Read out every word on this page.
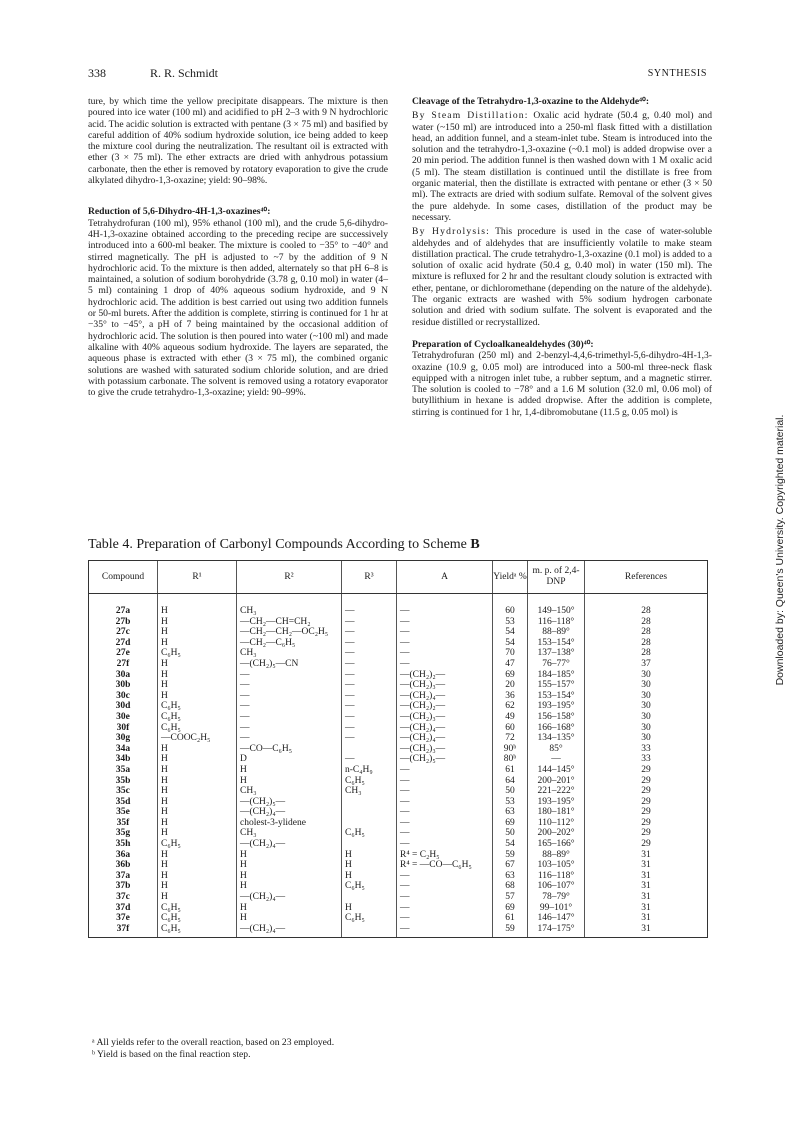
338	R. R. Schmidt	SYNTHESIS

ture, by which time the yellow precipitate disappears. The mixture is then poured into ice water (100 ml) and acidified to pH 2–3 with 9 N hydrochloric acid. The acidic solution is extracted with pentane (3 × 75 ml) and basified by careful addition of 40% sodium hydroxide solution, ice being added to keep the mixture cool during the neutralization. The resultant oil is extracted with ether (3 × 75 ml). The ether extracts are dried with anhydrous potassium carbonate, then the ether is removed by rotatory evaporation to give the crude alkylated dihydro-1,3-oxazine; yield: 90–98%.

Reduction of 5,6-Dihydro-4H-1,3-oxazines⁴⁰:

Tetrahydrofuran (100 ml), 95% ethanol (100 ml), and the crude 5,6-dihydro-4H-1,3-oxazine obtained according to the preceding recipe are successively introduced into a 600-ml beaker. The mixture is cooled to −35° to −40° and stirred magnetically. The pH is adjusted to ~7 by the addition of 9 N hydrochloric acid. To the mixture is then added, alternately so that pH 6–8 is maintained, a solution of sodium borohydride (3.78 g, 0.10 mol) in water (4–5 ml) containing 1 drop of 40% aqueous sodium hydroxide, and 9 N hydrochloric acid. The addition is best carried out using two addition funnels or 50-ml burets. After the addition is complete, stirring is continued for 1 hr at −35° to −45°, a pH of 7 being maintained by the occasional addition of hydrochloric acid. The solution is then poured into water (~100 ml) and made alkaline with 40% aqueous sodium hydroxide. The layers are separated, the aqueous phase is extracted with ether (3 × 75 ml), the combined organic solutions are washed with saturated sodium chloride solution, and are dried with potassium carbonate. The solvent is removed using a rotatory evaporator to give the crude tetrahydro-1,3-oxazine; yield: 90–99%.

Cleavage of the Tetrahydro-1,3-oxazine to the Aldehyde⁴⁰:

By Steam Distillation: Oxalic acid hydrate (50.4 g, 0.40 mol) and water (~150 ml) are introduced into a 250-ml flask fitted with a distillation head, an addition funnel, and a steam-inlet tube. Steam is introduced into the solution and the tetrahydro-1,3-oxazine (~0.1 mol) is added dropwise over a 20 min period. The addition funnel is then washed down with 1 M oxalic acid (5 ml). The steam distillation is continued until the distillate is free from organic material, then the distillate is extracted with pentane or ether (3 × 50 ml). The extracts are dried with sodium sulfate. Removal of the solvent gives the pure aldehyde. In some cases, distillation of the product may be necessary.

By Hydrolysis: This procedure is used in the case of water-soluble aldehydes and of aldehydes that are insufficiently volatile to make steam distillation practical. The crude tetrahydro-1,3-oxazine (0.1 mol) is added to a solution of oxalic acid hydrate (50.4 g, 0.40 mol) in water (150 ml). The mixture is refluxed for 2 hr and the resultant cloudy solution is extracted with ether, pentane, or dichloromethane (depending on the nature of the aldehyde). The organic extracts are washed with 5% sodium hydrogen carbonate solution and dried with sodium sulfate. The solvent is evaporated and the residue distilled or recrystallized.

Preparation of Cycloalkanealdehydes (30)⁴⁰:

Tetrahydrofuran (250 ml) and 2-benzyl-4,4,6-trimethyl-5,6-dihydro-4H-1,3-oxazine (10.9 g, 0.05 mol) are introduced into a 500-ml three-neck flask equipped with a nitrogen inlet tube, a rubber septum, and a magnetic stirrer. The solution is cooled to −78° and a 1.6 M solution (32.0 ml, 0.06 mol) of butyllithium in hexane is added dropwise. After the addition is complete, stirring is continued for 1 hr, 1,4-dibromobutane (11.5 g, 0.05 mol) is

Downloaded by: Queen's University. Copyrighted material.
Table 4. Preparation of Carbonyl Compounds According to Scheme B
Compound	R¹	R²	R³	A	Yieldᵃ %	m. p. of 2,4-DNP	References
27a	H	CH₃	—	—	60	149–150°	28
27b	H	—CH₂—CH=CH₂	—	—	53	116–118°	28
27c	H	—CH₂—CH₂—OC₂H₅	—	—	54	88–89°	28
27d	H	—CH₂—C₆H₅	—	—	54	153–154°	28
27e	C₆H₅	CH₃	—	—	70	137–138°	28
27f	H	—(CH₂)₅—CN	—	—	47	76–77°	37
30a	H	—	—	—(CH₂)₂—	69	184–185°	30
30b	H	—	—	—(CH₂)₃—	20	155–157°	30
30c	H	—	—	—(CH₂)₄—	36	153–154°	30
30d	C₆H₅	—	—	—(CH₂)₂—	62	193–195°	30
30e	C₆H₅	—	—	—(CH₂)₃—	49	156–158°	30
30f	C₆H₅	—	—	—(CH₂)₄—	60	166–168°	30
30g	—COOC₂H₅	—	—	—(CH₂)₄—	72	134–135°	30
34a	H	—CO—C₆H₅		—(CH₂)₃—	90ᵇ	85°	33
34b	H	D	—	—(CH₂)₅—	80ᵇ	—	33
35a	H	H	n-C₄H₉	—	61	144–145°	29
35b	H	H	C₆H₅	—	64	200–201°	29
35c	H	CH₃	CH₃	—	50	221–222°	29
35d	H	—(CH₂)₅—		—	53	193–195°	29
35e	H	—(CH₂)₄—		—	63	180–181°	29
35f	H	cholest-3-ylidene		—	69	110–112°	29
35g	H	CH₃	C₆H₅	—	50	200–202°	29
35h	C₆H₅	—(CH₂)₄—		—	54	165–166°	29
36a	H	H	H	R⁴ = C₂H₅	59	88–89°	31
36b	H	H	H	R⁴ = —CO—C₆H₅	67	103–105°	31
37a	H	H	H	—	63	116–118°	31
37b	H	H	C₆H₅	—	68	106–107°	31
37c	H	—(CH₂)₄—		—	57	78–79°	31
37d	C₆H₅	H	H	—	69	99–101°	31
37e	C₆H₅	H	C₆H₅	—	61	146–147°	31
37f	C₆H₅	—(CH₂)₄—		—	59	174–175°	31
ᵃ All yields refer to the overall reaction, based on 23 employed.
ᵇ Yield is based on the final reaction step.
